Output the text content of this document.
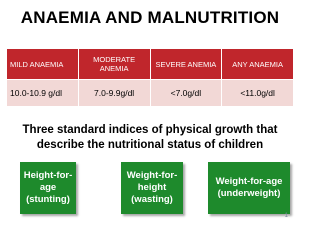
ANAEMIA AND MALNUTRITION
MILD ANAEMIA	MODERATE ANEMIA	SEVERE ANEMIA	ANY ANAEMIA
10.0-10.9 g/dl	7.0-9.9g/dl	<7.0g/dl	<11.0g/dl
Three standard indices of physical growth that describe the nutritional status of children
Height-for-age
(stunting)
Weight-for-height
(wasting)
Weight-for-age
(underweight)
1
